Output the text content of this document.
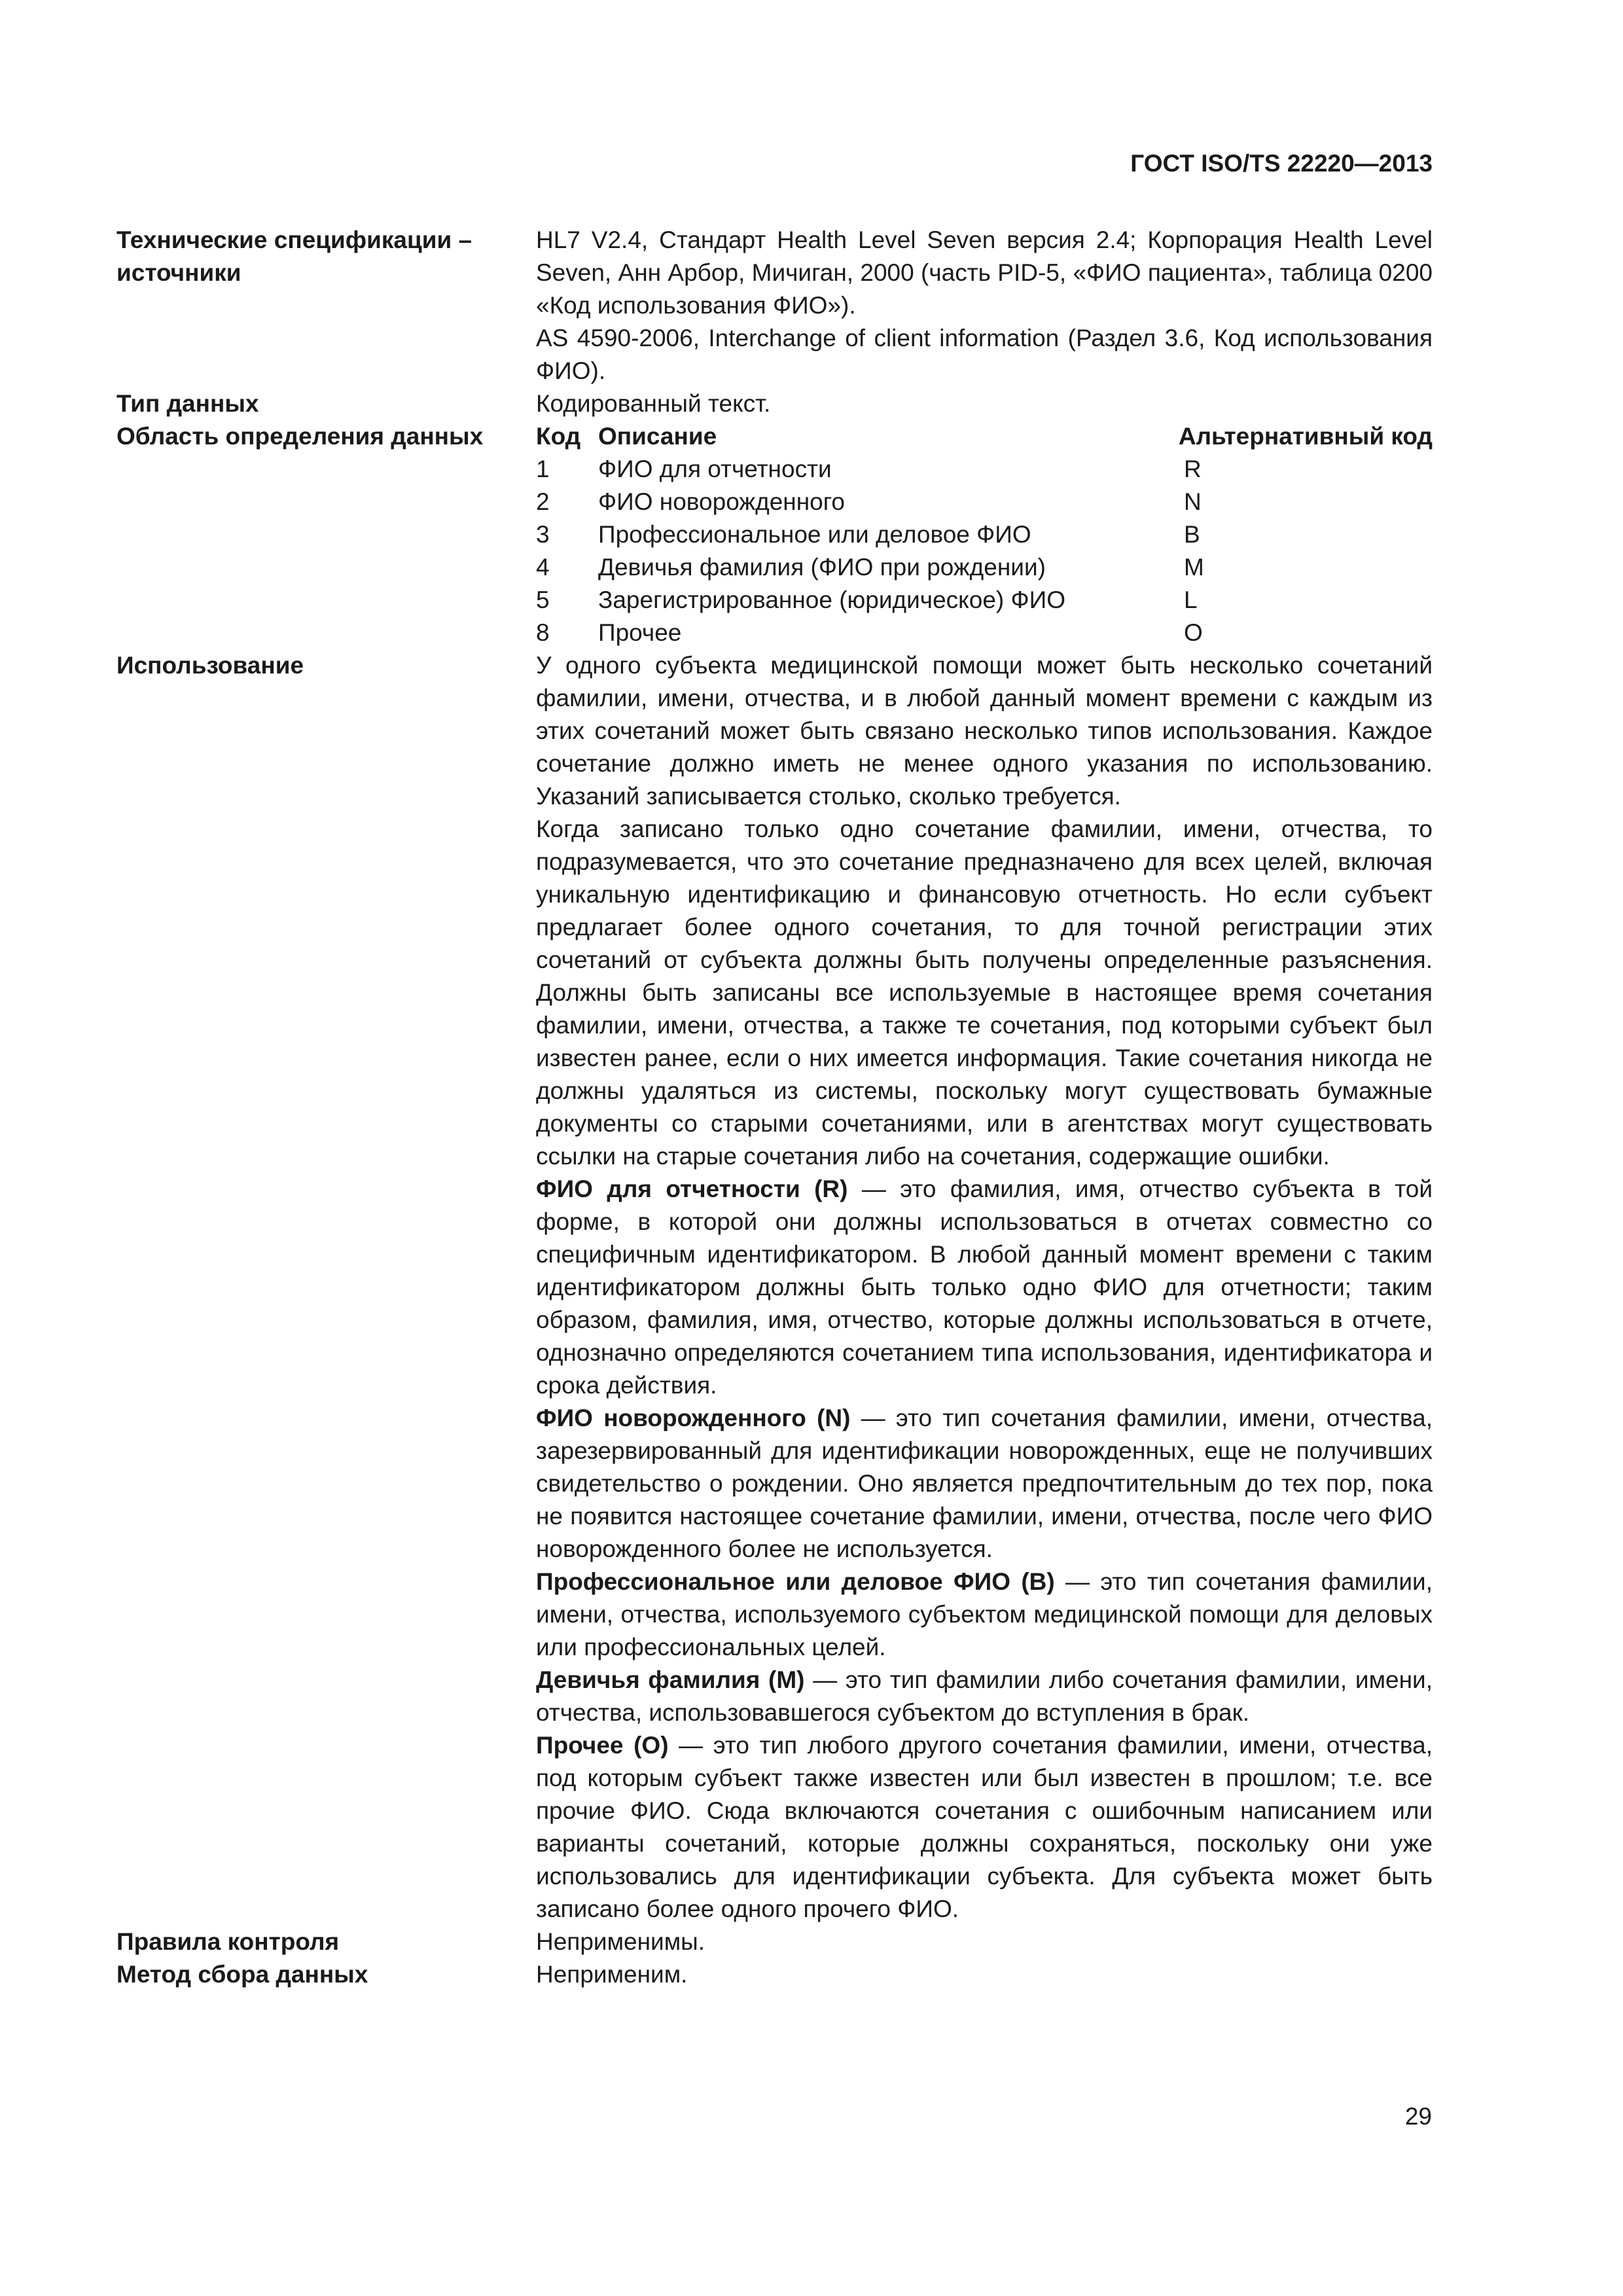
ГОСТ ISO/TS 22220—2013
Технические спецификации – источники

HL7 V2.4, Стандарт Health Level Seven версия 2.4; Корпорация Health Level Seven, Анн Арбор, Мичиган, 2000 (часть PID-5, «ФИО пациента», таблица 0200 «Код использования ФИО»).

AS 4590-2006, Interchange of client information (Раздел 3.6, Код использования ФИО).

Тип данных	Кодированный текст.
Область определения данных	Код Описание	Альтернативный код
1	ФИО для отчетности	R
2	ФИО новорожденного	N
3	Профессиональное или деловое ФИО	B
4	Девичья фамилия (ФИО при рождении)	M
5	Зарегистрированное (юридическое) ФИО	L
8	Прочее	O
Использование	У одного субъекта медицинской помощи может быть несколько сочетаний фамилии, имени, отчества, и в любой данный момент времени с каждым из этих сочетаний может быть связано несколько типов использования. Каждое сочетание должно иметь не менее одного указания по использованию. Указаний записывается столько, сколько требуется.

Когда записано только одно сочетание фамилии, имени, отчества, то подразумевается, что это сочетание предназначено для всех целей, включая уникальную идентификацию и финансовую отчетность. Но если субъект предлагает более одного сочетания, то для точной регистрации этих сочетаний от субъекта должны быть получены определенные разъяснения. Должны быть записаны все используемые в настоящее время сочетания фамилии, имени, отчества, а также те сочетания, под которыми субъект был известен ранее, если о них имеется информация. Такие сочетания никогда не должны удаляться из системы, поскольку могут существовать бумажные документы со старыми сочетаниями, или в агентствах могут существовать ссылки на старые сочетания либо на сочетания, содержащие ошибки.

ФИО для отчетности (R) — это фамилия, имя, отчество субъекта в той форме, в которой они должны использоваться в отчетах совместно со специфичным идентификатором. В любой данный момент времени с таким идентификатором должны быть только одно ФИО для отчетности; таким образом, фамилия, имя, отчество, которые должны использоваться в отчете, однозначно определяются сочетанием типа использования, идентификатора и срока действия.

ФИО новорожденного (N) — это тип сочетания фамилии, имени, отчества, зарезервированный для идентификации новорожденных, еще не получивших свидетельство о рождении. Оно является предпочтительным до тех пор, пока не появится настоящее сочетание фамилии, имени, отчества, после чего ФИО новорожденного более не используется.

Профессиональное или деловое ФИО (B) — это тип сочетания фамилии, имени, отчества, используемого субъектом медицинской помощи для деловых или профессиональных целей.

Девичья фамилия (M) — это тип фамилии либо сочетания фамилии, имени, отчества, использовавшегося субъектом до вступления в брак.

Прочее (O) — это тип любого другого сочетания фамилии, имени, отчества, под которым субъект также известен или был известен в прошлом; т.е. все прочие ФИО. Сюда включаются сочетания с ошибочным написанием или варианты сочетаний, которые должны сохраняться, поскольку они уже использовались для идентификации субъекта. Для субъекта может быть записано более одного прочего ФИО.

Правила контроля	Неприменимы.
Метод сбора данных	Неприменим.
29
